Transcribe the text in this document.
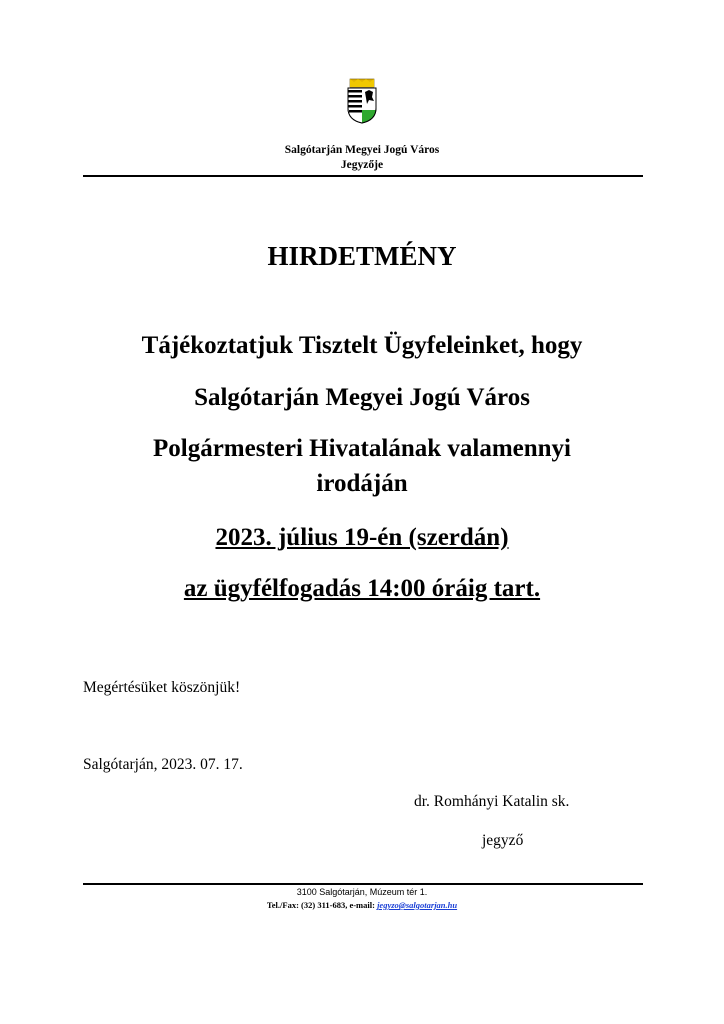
Salgótarján Megyei Jogú Város
Jegyzője
HIRDETMÉNY
Tájékoztatjuk Tisztelt Ügyfeleinket, hogy
Salgótarján Megyei Jogú Város
Polgármesteri Hivatalának valamennyi
irodáján
2023. július 19-én (szerdán)
az ügyfélfogadás 14:00 óráig tart.
Megértésüket köszönjük!
Salgótarján, 2023. 07. 17.
dr. Romhányi Katalin sk.
jegyző
3100 Salgótarján, Múzeum tér 1.
Tel./Fax: (32) 311-683, e-mail: jegyzo@salgotarjan.hu
